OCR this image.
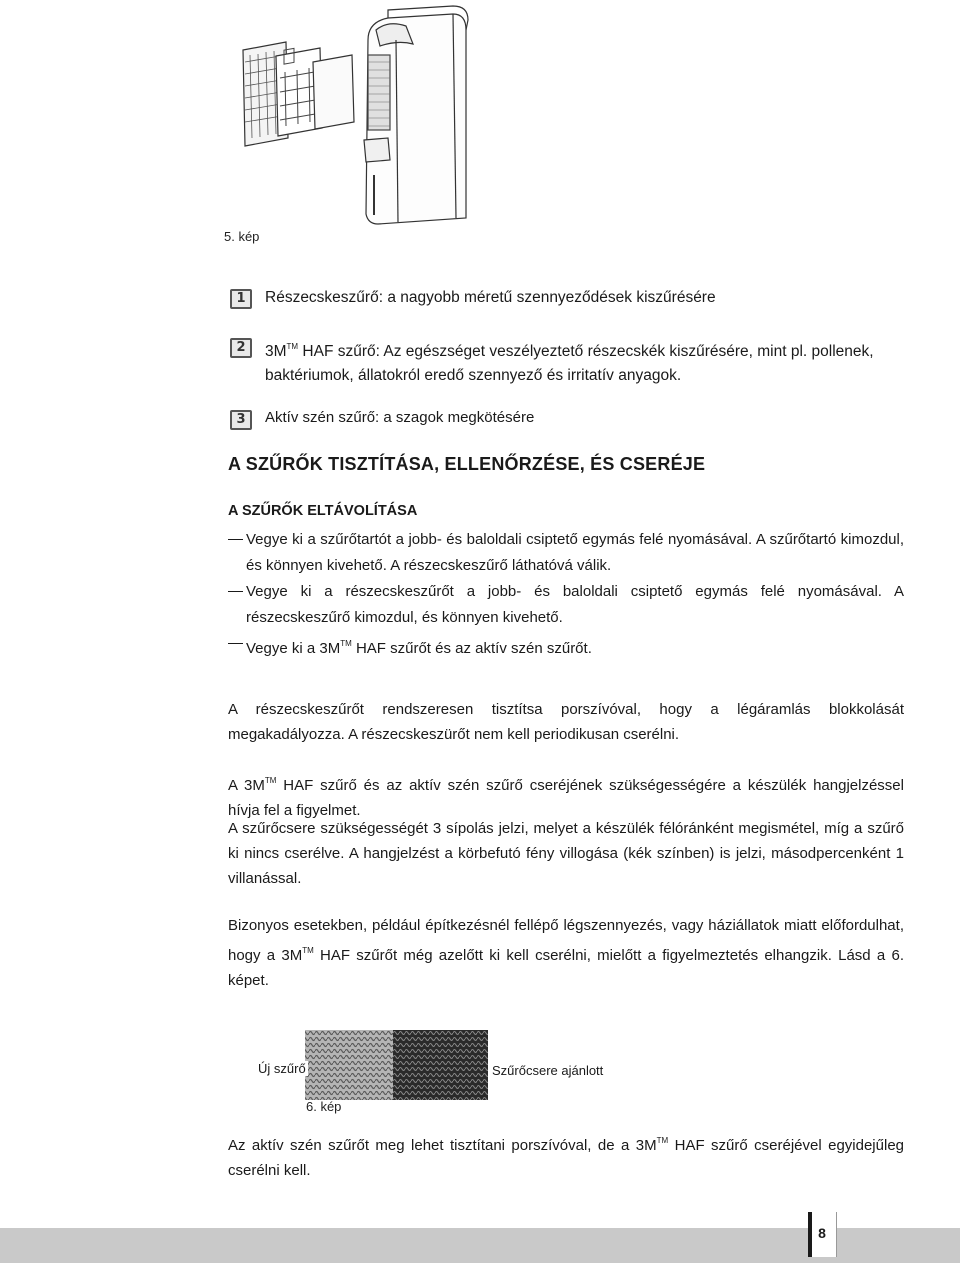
5. kép
1	Részecskeszűrő: a nagyobb méretű szennyeződések kiszűrésére
2	3M™ HAF szűrő: Az egészséget veszélyeztető részecskék kiszűrésére, mint pl. pollenek,
baktériumok, állatokról eredő szennyező és irritatív anyagok.
3	Aktív szén szűrő: a szagok megkötésére
A SZŰRŐK TISZTÍTÁSA, ELLENŐRZÉSE, ÉS CSERÉJE
A SZŰRŐK ELTÁVOLÍTÁSA
Vegye ki a szűrőtartót a jobb- és baloldali csiptető egymás felé nyomásával. A szűrőtartó kimozdul, és könnyen kivehető. A részecskeszűrő láthatóvá válik.
Vegye ki a részecskeszűrőt a jobb- és baloldali csiptető egymás felé nyomásával. A részecskeszűrő kimozdul, és könnyen kivehető.
Vegye ki a 3M™ HAF szűrőt és az aktív szén szűrőt.
A részecskeszűrőt rendszeresen tisztítsa porszívóval, hogy a légáramlás blokkolását megakadályozza. A részecskeszürőt nem kell periodikusan cserélni.
A 3M™ HAF szűrő és az aktív szén szűrő cseréjének szükségességére a készülék hangjelzéssel hívja fel a figyelmet.
A szűrőcsere szükségességét 3 sípolás jelzi, melyet a készülék félóránként megismétel, míg a szűrő ki nincs cserélve. A hangjelzést a körbefutó fény villogása (kék színben) is jelzi, másodpercenként 1 villanással.
Bizonyos esetekben, például építkezésnél fellépő légszennyezés, vagy háziállatok miatt előfordulhat, hogy a 3M™ HAF szűrőt még azelőtt ki kell cserélni, mielőtt a figyelmeztetés elhangzik. Lásd a 6. képet.
Új szűrő	Szűrőcsere ajánlott
6. kép
Az aktív szén szűrőt meg lehet tisztítani porszívóval, de a 3M™ HAF szűrő cseréjével egyidejűleg cserélni kell.
8
